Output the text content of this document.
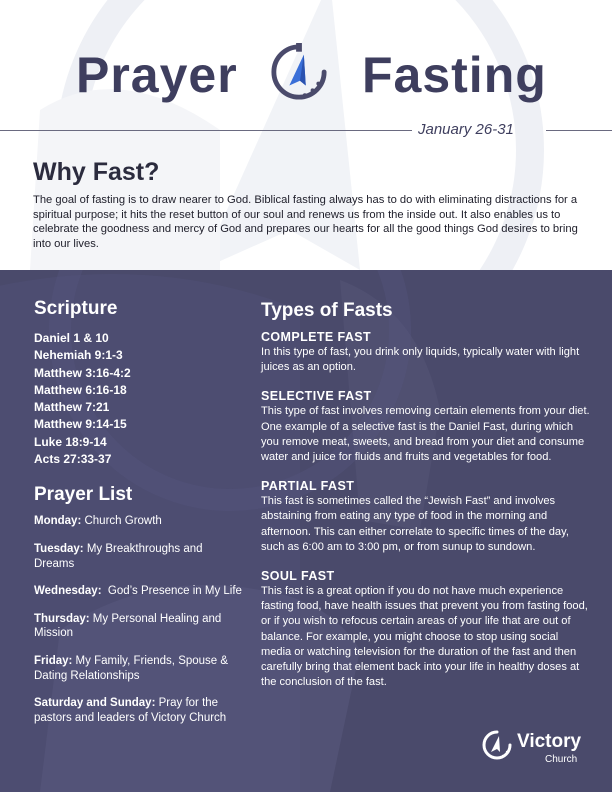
Prayer Fasting
January 26-31
Why Fast?
The goal of fasting is to draw nearer to God. Biblical fasting always has to do with eliminating distractions for a spiritual purpose; it hits the reset button of our soul and renews us from the inside out. It also enables us to celebrate the goodness and mercy of God and prepares our hearts for all the good things God desires to bring into our lives.
Scripture
Daniel 1 & 10
Nehemiah 9:1-3
Matthew 3:16-4:2
Matthew 6:16-18
Matthew 7:21
Matthew 9:14-15
Luke 18:9-14
Acts 27:33-37
Prayer List
Monday: Church Growth
Tuesday: My Breakthroughs and Dreams
Wednesday:  God’s Presence in My Life
Thursday: My Personal Healing and Mission
Friday: My Family, Friends, Spouse & Dating Relationships
Saturday and Sunday: Pray for the pastors and leaders of Victory Church
Types of Fasts
COMPLETE FAST
In this type of fast, you drink only liquids, typically water with light juices as an option.
SELECTIVE FAST
This type of fast involves removing certain elements from your diet. One example of a selective fast is the Daniel Fast, during which you remove meat, sweets, and bread from your diet and consume water and juice for fluids and fruits and vegetables for food.
PARTIAL FAST
This fast is sometimes called the “Jewish Fast” and involves abstaining from eating any type of food in the morning and afternoon. This can either correlate to specific times of the day, such as 6:00 am to 3:00 pm, or from sunup to sundown.
SOUL FAST
This fast is a great option if you do not have much experience fasting food, have health issues that prevent you from fasting food, or if you wish to refocus certain areas of your life that are out of balance. For example, you might choose to stop using social media or watching television for the duration of the fast and then carefully bring that element back into your life in healthy doses at the conclusion of the fast.
Victory
Church
